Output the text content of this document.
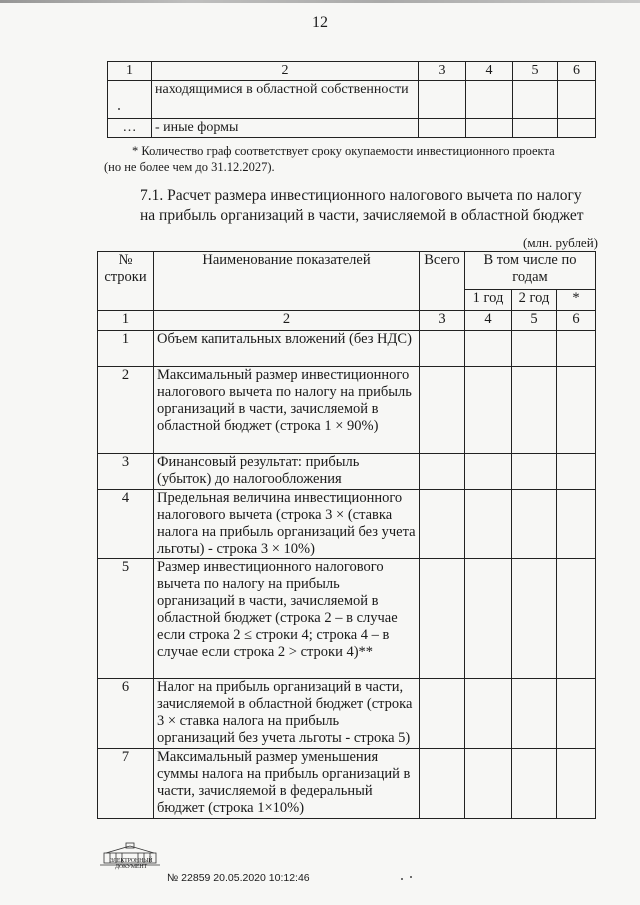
12
1	2	3	4	5	6
	находящимися в областной собственности				
…	- иные формы				
* Количество граф соответствует сроку окупаемости инвестиционного проекта
(но не более чем до 31.12.2027).
7.1. Расчет размера инвестиционного налогового вычета по налогу на прибыль организаций в части, зачисляемой в областной бюджет
(млн. рублей)
№ строки	Наименование показателей	Всего	В том числе по годам		
			1 год	2 год	*
1	2	3	4	5	6
1	Объем капитальных вложений (без НДС)				
2	Максимальный размер инвестиционного налогового вычета по налогу на прибыль организаций в части, зачисляемой в областной бюджет (строка 1 × 90%)				
3	Финансовый результат: прибыль (убыток) до налогообложения				
4	Предельная величина инвестиционного налогового вычета (строка 3 × (ставка налога на прибыль организаций без учета льготы) - строка 3 × 10%)				
5	Размер инвестиционного налогового вычета по налогу на прибыль организаций в части, зачисляемой в областной бюджет (строка 2 – в случае если строка 2 ≤ строки 4; строка 4 – в случае если строка 2 > строки 4)**				
6	Налог на прибыль организаций в части, зачисляемой в областной бюджет (строка 3 × ставка налога на прибыль организаций без учета льготы - строка 5)				
7	Максимальный размер уменьшения суммы налога на прибыль организаций в части, зачисляемой в федеральный бюджет (строка 1×10%)				
ЭЛЕКТРОННЫЙ ДОКУМЕНТ
№ 22859 20.05.2020 10:12:46
